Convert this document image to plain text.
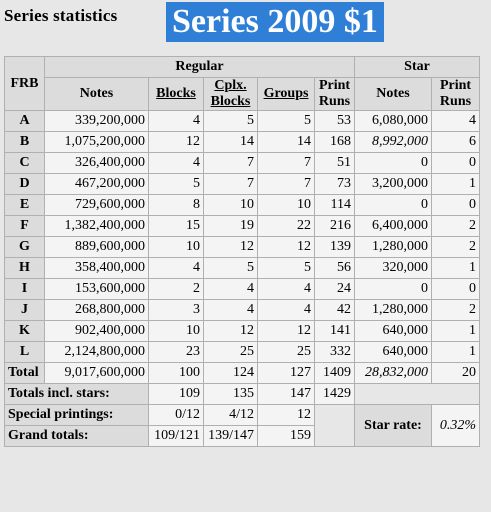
Series statistics Series 2009 $1
FRB	Regular					Star	
	Notes	Blocks	Cplx. Blocks	Groups	Print Runs	Notes	Print Runs
A	339,200,000	4	5	5	53	6,080,000	4
B	1,075,200,000	12	14	14	168	8,992,000	6
C	326,400,000	4	7	7	51	0	0
D	467,200,000	5	7	7	73	3,200,000	1
E	729,600,000	8	10	10	114	0	0
F	1,382,400,000	15	19	22	216	6,400,000	2
G	889,600,000	10	12	12	139	1,280,000	2
H	358,400,000	4	5	5	56	320,000	1
I	153,600,000	2	4	4	24	0	0
J	268,800,000	3	4	4	42	1,280,000	2
K	902,400,000	10	12	12	141	640,000	1
L	2,124,800,000	23	25	25	332	640,000	1
Total	9,017,600,000	100	124	127	1409	28,832,000	20
Totals incl. stars:		109	135	147	1429		
Special printings:		0/12	4/12	12		Star rate:	0.32%
Grand totals:		109/121	139/147	159			
